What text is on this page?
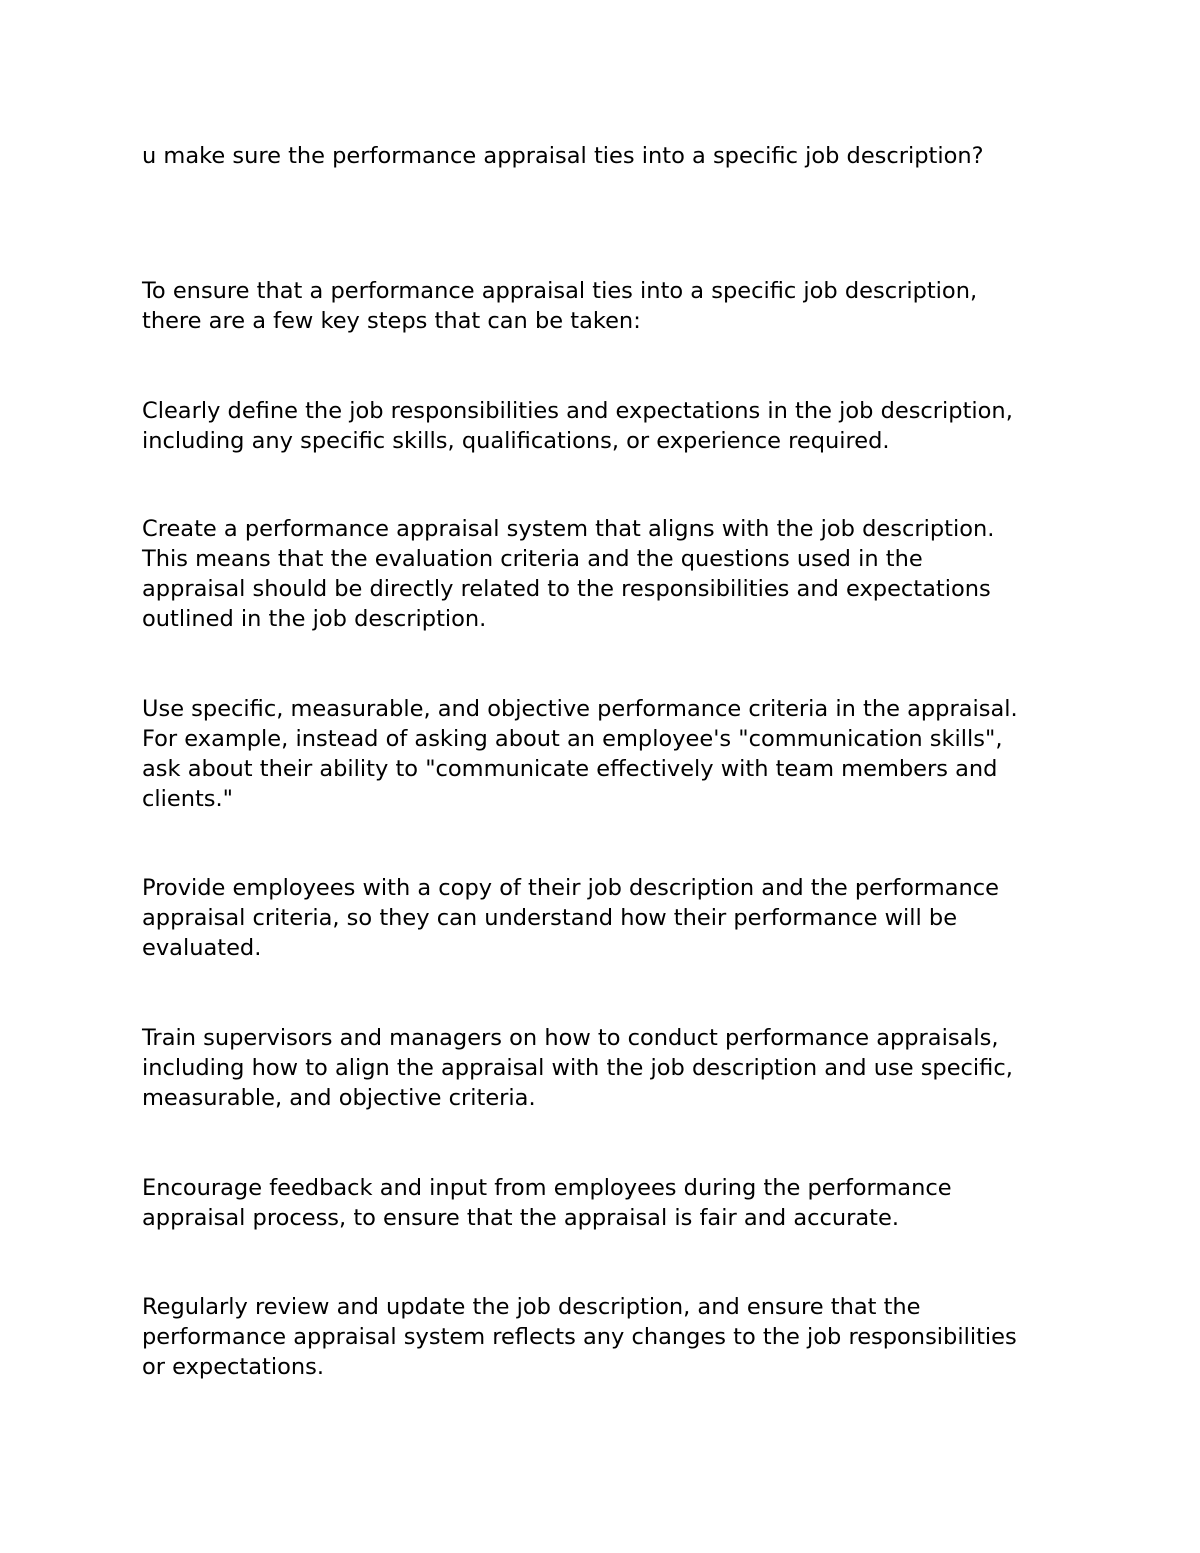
u make sure the performance appraisal ties into a specific job description?

To ensure that a performance appraisal ties into a specific job description,
there are a few key steps that can be taken:

Clearly define the job responsibilities and expectations in the job description,
including any specific skills, qualifications, or experience required.

Create a performance appraisal system that aligns with the job description.
This means that the evaluation criteria and the questions used in the
appraisal should be directly related to the responsibilities and expectations
outlined in the job description.

Use specific, measurable, and objective performance criteria in the appraisal.
For example, instead of asking about an employee's "communication skills",
ask about their ability to "communicate effectively with team members and
clients."

Provide employees with a copy of their job description and the performance
appraisal criteria, so they can understand how their performance will be
evaluated.

Train supervisors and managers on how to conduct performance appraisals,
including how to align the appraisal with the job description and use specific,
measurable, and objective criteria.

Encourage feedback and input from employees during the performance
appraisal process, to ensure that the appraisal is fair and accurate.

Regularly review and update the job description, and ensure that the
performance appraisal system reflects any changes to the job responsibilities
or expectations.
